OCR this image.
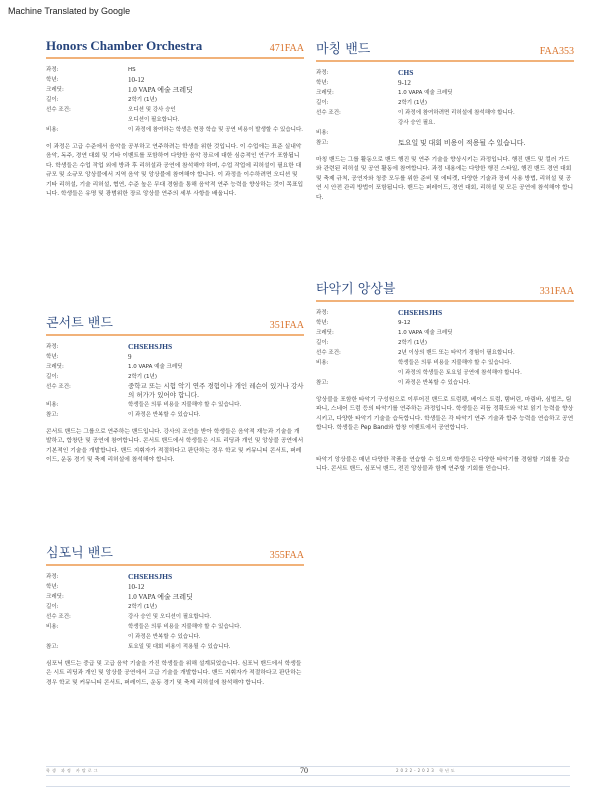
Machine Translated by Google
Honors Chamber Orchestra	471FAA
과정:	HS
학년:	10-12
크레딧:	1.0 VAPA 예술 크레딧
길이:	2학기 (1년)
선수 조건:	오디션 및 강사 승인
오디션이 필요합니다.
비용:	이 과정에 참여하는 학생은 현장 학습 및 공연 비용이 발생할 수 있습니다.
이 과정은 고급 수준에서 음악을 공부하고 연주하려는 학생을 위한 것입니다. 이 수업에는 표준 실내악 음악, 독주, 경연 대회 및 기타 이벤트를 포함하여 다양한 음악 장르에 대한 심층적인 연구가 포함됩니다. 학생들은 수업 작업 외에 방과 후 리허설과 공연에 참석해야 하며, 수업 작업에 리허설이 필요한 대규모 및 소규모 앙상블에서 지역 음악 및 앙상블에 참여해야 합니다. 이 과정을 이수하려면 오디션 및 기타 리허설, 기술 리허설, 협연, 수준 높은 무대 경험을 통해 음악적 연주 능력을 향상하는 것이 목표입니다. 학생들은 유명 및 광범위한 장르 앙상블 연주의 세부 사항을 배웁니다.
마칭 밴드	FAA353
과정:	CHS
학년:	9-12
크레딧:	1.0 VAPA 예술 크레딧
길이:	2학기 (1년)
선수 조건:	이 과정에 참여하려면 리허설에 참석해야 합니다.
강사 승인 필요.
비용:
참고:	토요일 및 대회 비용이 적용될 수 있습니다.
마칭 밴드는 그룹 활동으로 밴드 행진 및 연주 기술을 향상시키는 과정입니다. 행진 밴드 및 컬러 가드와 관련된 리허설 및 공연 활동에 참여합니다. 과정 내용에는 다양한 행진 스타일, 행진 밴드 경연 대회 및 축제 규칙, 공연자와 청중 모두를 위한 준비 및 에티켓, 다양한 기술과 장비 사용 방법, 리허설 및 공연 시 안전 관리 방법이 포함됩니다. 밴드는 퍼레이드, 경연 대회, 리허설 및 모든 공연에 참석해야 합니다.
타악기 앙상블	331FAA
과정:	CHSEHSJHS
학년:	9-12
크레딧:	1.0 VAPA 예술 크레딧
길이:	2학기 (1년)
선수 조건:	2년 이상의 밴드 또는 타악기 경험이 필요합니다.
비용:	학생들은 의류 비용을 지불해야 할 수 있습니다.
이 과정의 학생들은 토요일 공연에 참석해야 합니다.
참고:	이 과정은 반복할 수 있습니다.
앙상블을 포함한 타악기 구성원으로 이루어진 밴드로 트럼펫, 베이스 트럼, 탬버린, 마림바, 심벌즈, 팀파니, 스네어 드럼 등의 타악기를 연주하는 과정입니다. 학생들은 리듬 정확도와 악보 읽기 능력을 향상시키고, 다양한 타악기 기술을 습득합니다. 학생들은 각 타악기 연주 기술과 합주 능력을 연습하고 공연합니다. 학생들은 Pep Band와 합창 이벤트에서 공연합니다.
타악기 앙상블은 매년 다양한 작품을 연습할 수 있으며 학생들은 다양한 타악기를 경험할 기회를 갖습니다. 콘서트 밴드, 심포닉 밴드, 전진 앙상블과 함께 연주할 기회를 얻습니다.
콘서트 밴드	351FAA
과정:	CHSEHSJHS
학년:	9
크레딧:	1.0 VAPA 예술 크레딧
길이:	2학기 (1년)
선수 조건:	중학교 또는 시험 악기 연주 경험이나 개인 레슨이 있거나 강사의 허가가 있어야 합니다.
비용:	학생들은 의류 비용을 지불해야 할 수 있습니다.
참고:	이 과정은 반복할 수 있습니다.
콘서트 밴드는 그룹으로 연주하는 밴드입니다. 강사의 조언을 받아 학생들은 음악적 재능과 기술을 개발하고, 합창단 및 공연에 참여합니다. 콘서트 밴드에서 학생들은 시트 리딩과 개인 및 앙상블 공연에서 기본적인 기술을 개발합니다. 밴드 지휘자가 적절하다고 판단하는 경우 학교 및 커뮤니티 콘서트, 퍼레이드, 운동 경기 및 축제 리허설에 참석해야 합니다.
심포닉 밴드	355FAA
과정:	CHSEHSJHS
학년:	10-12
크레딧:	1.0 VAPA 예술 크레딧
길이:	2학기 (1년)
선수 조건:	강사 승인 및 오디션이 필요합니다.
비용:	학생들은 의류 비용을 지불해야 할 수 있습니다.
이 과정은 반복할 수 있습니다.
참고:	토요일 및 대회 비용이 적용될 수 있습니다.
심포닉 밴드는 중급 및 고급 음악 기술을 가진 학생들을 위해 설계되었습니다. 심포닉 밴드에서 학생들은 시트 리딩과 개인 및 앙상블 공연에서 고급 기술을 개발합니다. 밴드 지휘자가 적절하다고 판단하는 경우 학교 및 커뮤니티 콘서트, 퍼레이드, 운동 경기 및 축제 리허설에 참석해야 합니다.
학생 과정 카탈로그	70	2022-2023 학년도
